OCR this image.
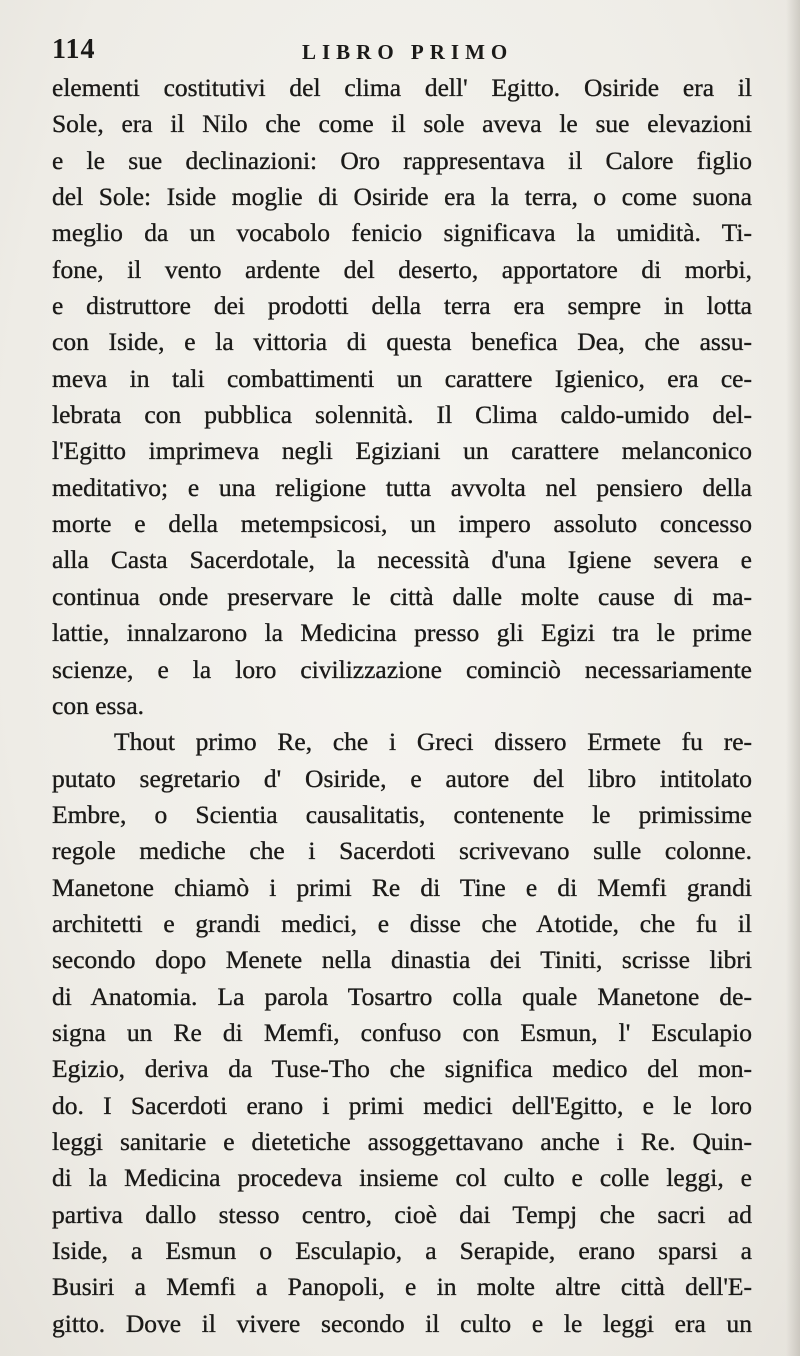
114	LIBRO PRIMO
elementi costitutivi del clima dell' Egitto. Osiride era il
Sole, era il Nilo che come il sole aveva le sue elevazioni
e le sue declinazioni: Oro rappresentava il Calore figlio
del Sole: Iside moglie di Osiride era la terra, o come suona
meglio da un vocabolo fenicio significava la umidità. Ti-
fone, il vento ardente del deserto, apportatore di morbi,
e distruttore dei prodotti della terra era sempre in lotta
con Iside, e la vittoria di questa benefica Dea, che assu-
meva in tali combattimenti un carattere Igienico, era ce-
lebrata con pubblica solennità. Il Clima caldo-umido del-
l'Egitto imprimeva negli Egiziani un carattere melanconico
meditativo; e una religione tutta avvolta nel pensiero della
morte e della metempsicosi, un impero assoluto concesso
alla Casta Sacerdotale, la necessità d'una Igiene severa e
continua onde preservare le città dalle molte cause di ma-
lattie, innalzarono la Medicina presso gli Egizi tra le prime
scienze, e la loro civilizzazione cominciò necessariamente
con essa.
Thout primo Re, che i Greci dissero Ermete fu re-
putato segretario d' Osiride, e autore del libro intitolato
Embre, o Scientia causalitatis, contenente le primissime
regole mediche che i Sacerdoti scrivevano sulle colonne.
Manetone chiamò i primi Re di Tine e di Memfi grandi
architetti e grandi medici, e disse che Atotide, che fu il
secondo dopo Menete nella dinastia dei Tiniti, scrisse libri
di Anatomia. La parola Tosartro colla quale Manetone de-
signa un Re di Memfi, confuso con Esmun, l' Esculapio
Egizio, deriva da Tuse-Tho che significa medico del mon-
do. I Sacerdoti erano i primi medici dell'Egitto, e le loro
leggi sanitarie e dietetiche assoggettavano anche i Re. Quin-
di la Medicina procedeva insieme col culto e colle leggi, e
partiva dallo stesso centro, cioè dai Tempj che sacri ad
Iside, a Esmun o Esculapio, a Serapide, erano sparsi a
Busiri a Memfi a Panopoli, e in molte altre città dell'E-
gitto. Dove il vivere secondo il culto e le leggi era un
